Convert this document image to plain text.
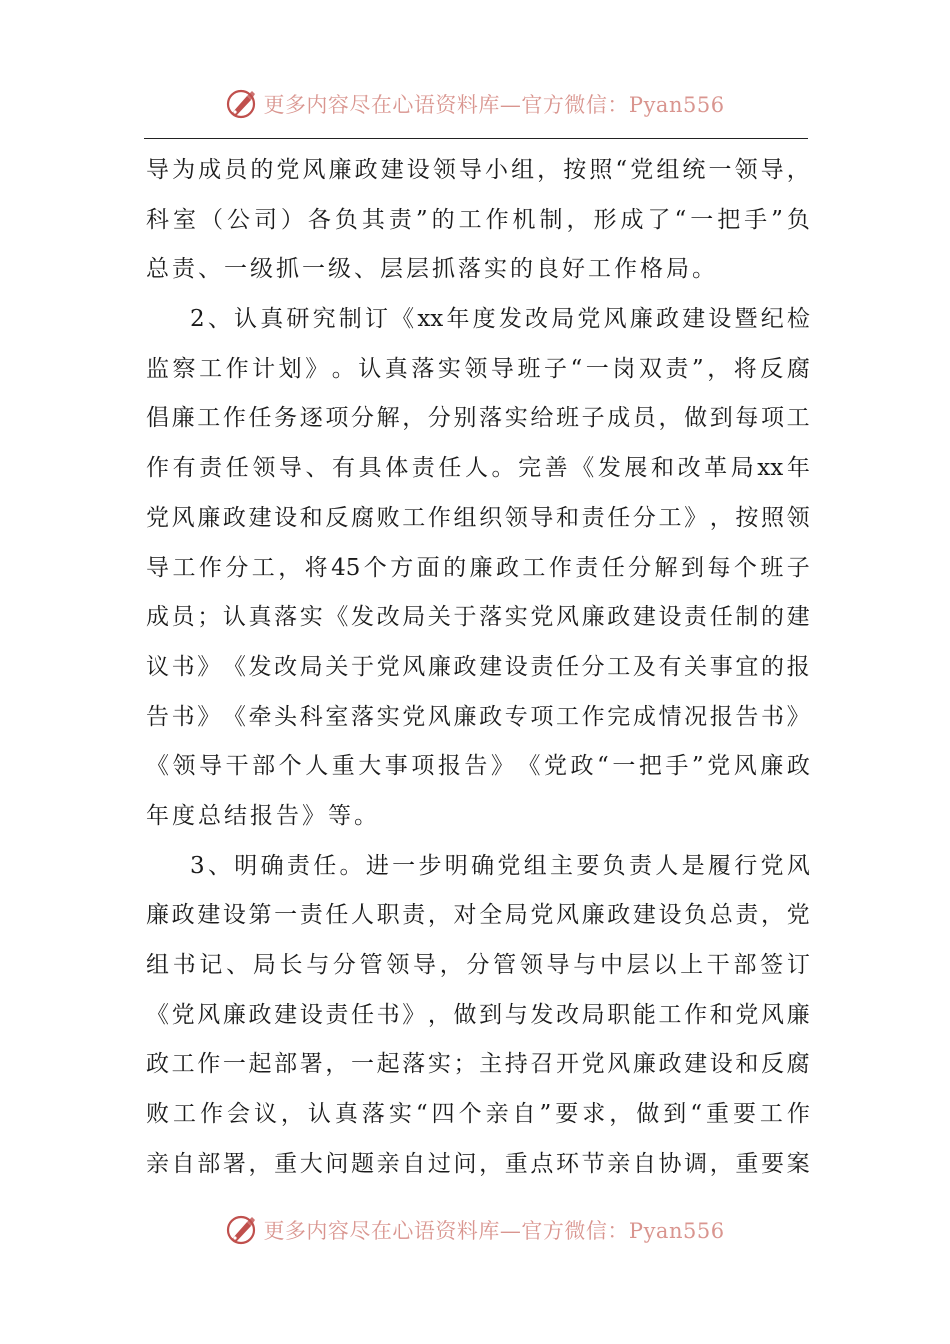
更多内容尽在心语资料库—官方微信：Pyan556
导 为 成 员 的 党 风 廉 政 建 设 领 导 小 组 ， 按 照 “ 党 组 统 一 领 导 ，
科 室 （ 公 司 ） 各 负 其 责 ” 的 工 作 机 制 ， 形 成 了 “ 一 把 手 ” 负
总责、一级抓一级、层层抓落实的良好工作格局。
2 、 认 真 研 究 制 订 《 xx 年 度 发 改 局 党 风 廉 政 建 设 暨 纪 检
监 察 工 作 计 划 》 。 认 真 落 实 领 导 班 子 “ 一 岗 双 责 ” ， 将 反 腐
倡 廉 工 作 任 务 逐 项 分 解 ， 分 别 落 实 给 班 子 成 员 ， 做 到 每 项 工
作 有 责 任 领 导 、 有 具 体 责 任 人 。 完 善 《 发 展 和 改 革 局 xx 年
党 风 廉 政 建 设 和 反 腐 败 工 作 组 织 领 导 和 责 任 分 工 》 ， 按 照 领
导 工 作 分 工 ， 将 45 个 方 面 的 廉 政 工 作 责 任 分 解 到 每 个 班 子
成 员 ； 认 真 落 实 《 发 改 局 关 于 落 实 党 风 廉 政 建 设 责 任 制 的 建
议 书 》 《 发 改 局 关 于 党 风 廉 政 建 设 责 任 分 工 及 有 关 事 宜 的 报
告 书 》 《 牵 头 科 室 落 实 党 风 廉 政 专 项 工 作 完 成 情 况 报 告 书 》
《 领 导 干 部 个 人 重 大 事 项 报 告 》 《 党 政 “ 一 把 手 ” 党 风 廉 政
年度总结报告》等。
3 、 明 确 责 任 。 进 一 步 明 确 党 组 主 要 负 责 人 是 履 行 党 风
廉 政 建 设 第 一 责 任 人 职 责 ， 对 全 局 党 风 廉 政 建 设 负 总 责 ， 党
组 书 记 、 局 长 与 分 管 领 导 ， 分 管 领 导 与 中 层 以 上 干 部 签 订
《 党 风 廉 政 建 设 责 任 书 》 ， 做 到 与 发 改 局 职 能 工 作 和 党 风 廉
政 工 作 一 起 部 署 ， 一 起 落 实 ； 主 持 召 开 党 风 廉 政 建 设 和 反 腐
败 工 作 会 议 ， 认 真 落 实 “ 四 个 亲 自 ” 要 求 ， 做 到 “ 重 要 工 作
亲 自 部 署 ， 重 大 问 题 亲 自 过 问 ， 重 点 环 节 亲 自 协 调 ， 重 要 案
更多内容尽在心语资料库—官方微信：Pyan556
